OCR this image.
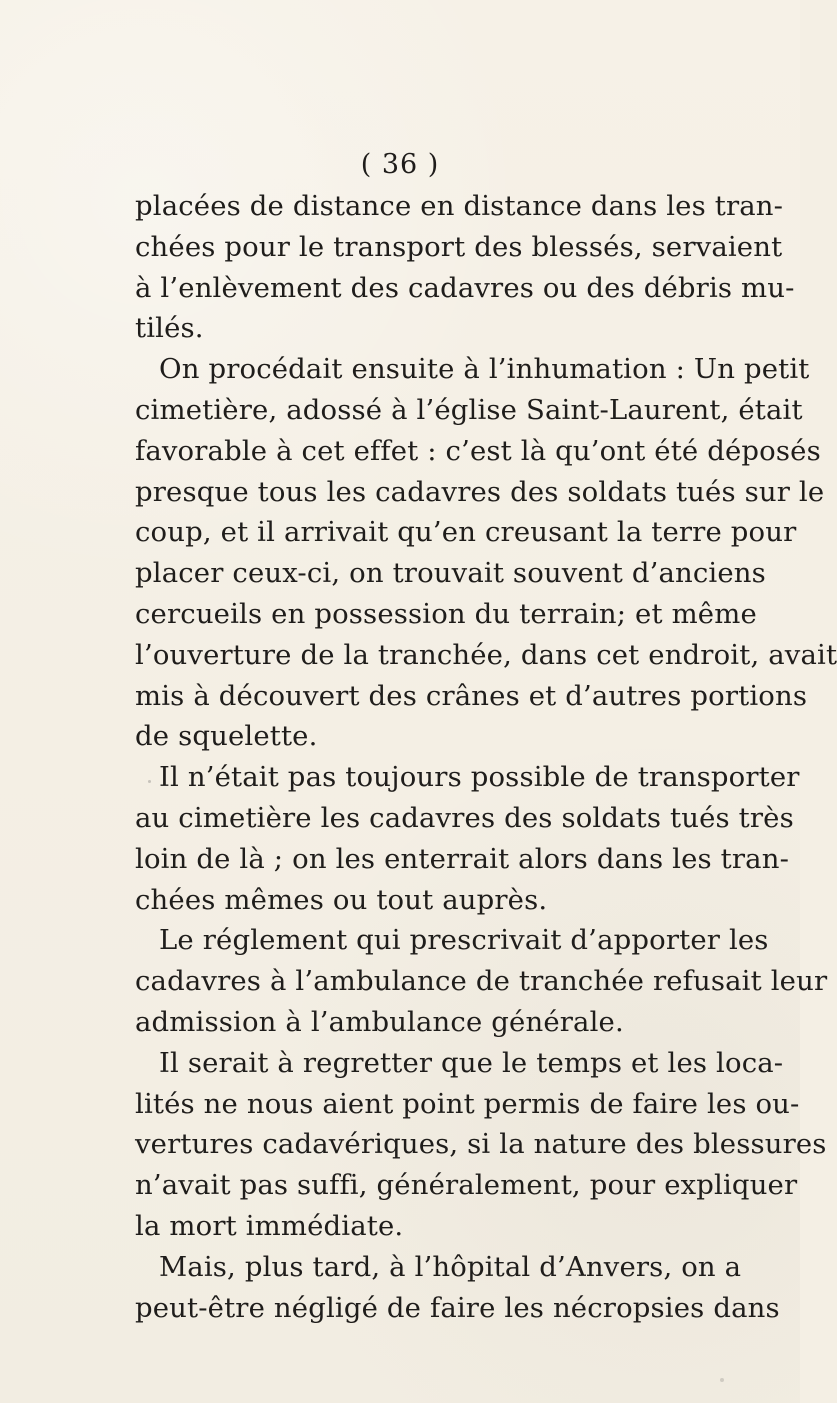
( 36 )
placées de distance en distance dans les tran-
chées pour le transport des blessés, servaient
à l’enlèvement des cadavres ou des débris mu-
tilés.
On procédait ensuite à l’inhumation : Un petit
cimetière, adossé à l’église Saint-Laurent, était
favorable à cet effet : c’est là qu’ont été déposés
presque tous les cadavres des soldats tués sur le
coup, et il arrivait qu’en creusant la terre pour
placer ceux-ci, on trouvait souvent d’anciens
cercueils en possession du terrain; et même
l’ouverture de la tranchée, dans cet endroit, avait
mis à découvert des crânes et d’autres portions
de squelette.
Il n’était pas toujours possible de transporter
au cimetière les cadavres des soldats tués très
loin de là ; on les enterrait alors dans les tran-
chées mêmes ou tout auprès.
Le réglement qui prescrivait d’apporter les
cadavres à l’ambulance de tranchée refusait leur
admission à l’ambulance générale.
Il serait à regretter que le temps et les loca-
lités ne nous aient point permis de faire les ou-
vertures cadavériques, si la nature des blessures
n’avait pas suffi, généralement, pour expliquer
la mort immédiate.
Mais, plus tard, à l’hôpital d’Anvers, on a
peut-être négligé de faire les nécropsies dans
